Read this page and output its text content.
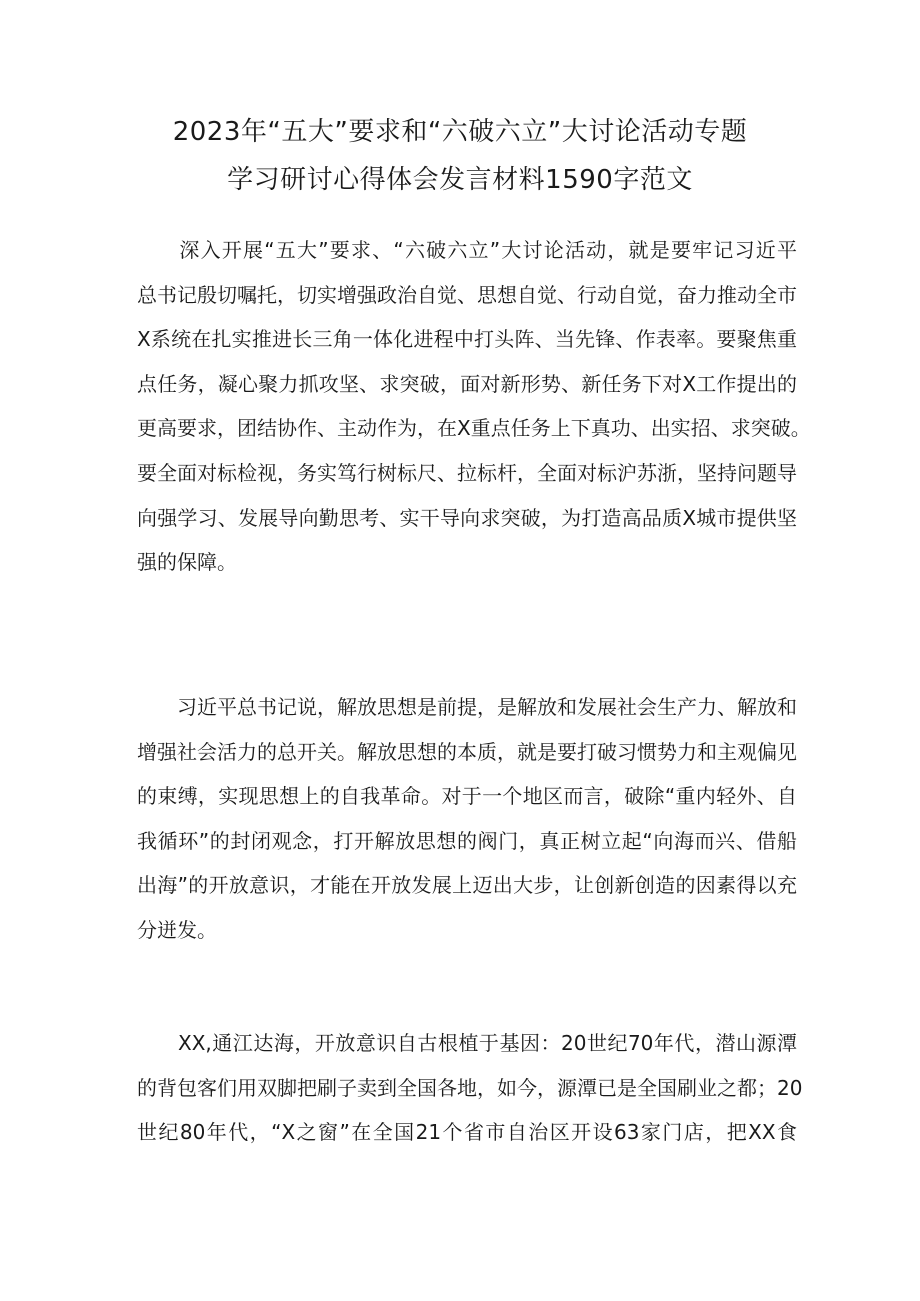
2023年“五大”要求和“六破六立”大讨论活动专题
学习研讨心得体会发言材料1590字范文
　　深入开展“五大”要求、“六破六立”大讨论活动，就是要牢记习近平
总书记殷切嘱托，切实增强政治自觉、思想自觉、行动自觉，奋力推动全市
X系统在扎实推进长三角一体化进程中打头阵、当先锋、作表率。要聚焦重
点任务，凝心聚力抓攻坚、求突破，面对新形势、新任务下对X工作提出的
更高要求，团结协作、主动作为，在X重点任务上下真功、出实招、求突破。
要全面对标检视，务实笃行树标尺、拉标杆，全面对标沪苏浙，坚持问题导
向强学习、发展导向勤思考、实干导向求突破，为打造高品质X城市提供坚
强的保障。
　　习近平总书记说，解放思想是前提，是解放和发展社会生产力、解放和
增强社会活力的总开关。解放思想的本质，就是要打破习惯势力和主观偏见
的束缚，实现思想上的自我革命。对于一个地区而言，破除“重内轻外、自
我循环”的封闭观念，打开解放思想的阀门，真正树立起“向海而兴、借船
出海”的开放意识，才能在开放发展上迈出大步，让创新创造的因素得以充
分迸发。
　　XX,通江达海，开放意识自古根植于基因：20世纪70年代，潜山源潭
的背包客们用双脚把刷子卖到全国各地，如今，源潭已是全国刷业之都；20
世纪80年代，“X之窗”在全国21个省市自治区开设63家门店，把XX食
